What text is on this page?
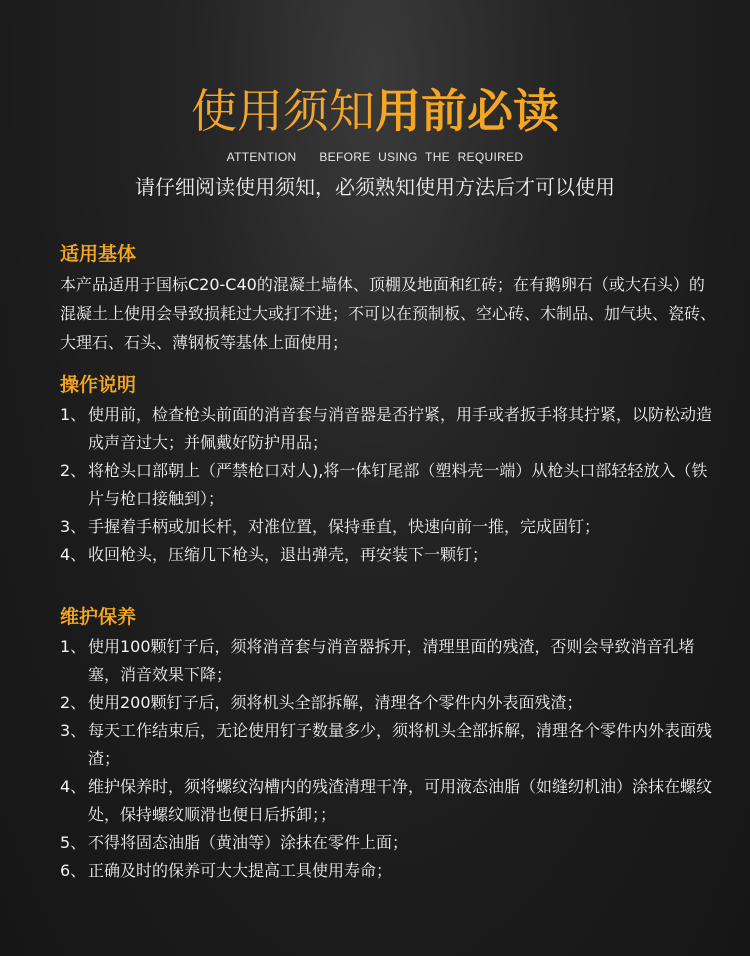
使用须知用前必读
ATTENTION   BEFORE USING THE REQUIRED
请仔细阅读使用须知，必须熟知使用方法后才可以使用
适用基体

本产品适用于国标C20-C40的混凝土墙体、顶棚及地面和红砖；在有鹅卵石（或大石头）的混凝土上使用会导致损耗过大或打不进；不可以在预制板、空心砖、木制品、加气块、瓷砖、大理石、石头、薄钢板等基体上面使用；

操作说明
1、 使用前，检查枪头前面的消音套与消音器是否拧紧，用手或者扳手将其拧紧，以防松动造成声音过大；并佩戴好防护用品；
2、 将枪头口部朝上（严禁枪口对人),将一体钉尾部（塑料壳一端）从枪头口部轻轻放入（铁片与枪口接触到）；
3、 手握着手柄或加长杆，对准位置，保持垂直，快速向前一推，完成固钉；
4、 收回枪头，压缩几下枪头，退出弹壳，再安装下一颗钉；
维护保养
1、 使用100颗钉子后，须将消音套与消音器拆开，清理里面的残渣，否则会导致消音孔堵塞，消音效果下降；
2、 使用200颗钉子后，须将机头全部拆解，清理各个零件内外表面残渣；
3、 每天工作结束后，无论使用钉子数量多少，须将机头全部拆解，清理各个零件内外表面残渣；
4、 维护保养时，须将螺纹沟槽内的残渣清理干净，可用液态油脂（如缝纫机油）涂抹在螺纹处，保持螺纹顺滑也便日后拆卸；；
5、 不得将固态油脂（黄油等）涂抹在零件上面；
6、 正确及时的保养可大大提高工具使用寿命；
